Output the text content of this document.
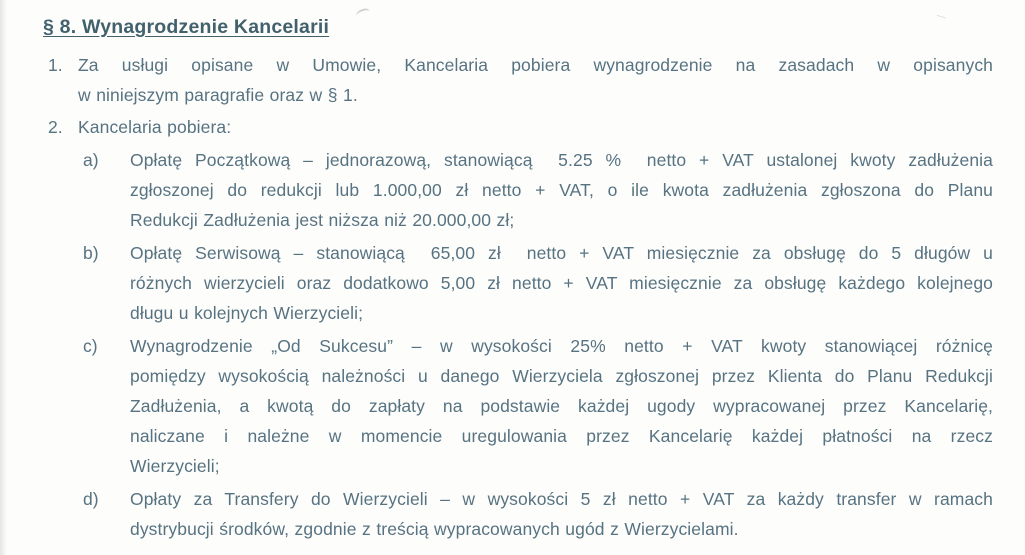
§ 8. Wynagrodzenie Kancelarii
1. Za usługi opisane w Umowie, Kancelaria pobiera wynagrodzenie na zasadach w opisanych
w niniejszym paragrafie oraz w § 1.
2. Kancelaria pobiera:
a) Opłatę Początkową – jednorazową, stanowiącą  5.25 %  netto + VAT ustalonej kwoty zadłużenia
zgłoszonej do redukcji lub 1.000,00 zł netto + VAT, o ile kwota zadłużenia zgłoszona do Planu
Redukcji Zadłużenia jest niższa niż 20.000,00 zł;
b) Opłatę Serwisową – stanowiącą  65,00 zł  netto + VAT miesięcznie za obsługę do 5 długów u
różnych wierzycieli oraz dodatkowo 5,00 zł netto + VAT miesięcznie za obsługę każdego kolejnego
długu u kolejnych Wierzycieli;
c) Wynagrodzenie „Od Sukcesu” – w wysokości 25% netto + VAT kwoty stanowiącej różnicę
pomiędzy wysokością należności u danego Wierzyciela zgłoszonej przez Klienta do Planu Redukcji
Zadłużenia, a kwotą do zapłaty na podstawie każdej ugody wypracowanej przez Kancelarię,
naliczane i należne w momencie uregulowania przez Kancelarię każdej płatności na rzecz
Wierzycieli;
d) Opłaty za Transfery do Wierzycieli – w wysokości 5 zł netto + VAT za każdy transfer w ramach
dystrybucji środków, zgodnie z treścią wypracowanych ugód z Wierzycielami.
